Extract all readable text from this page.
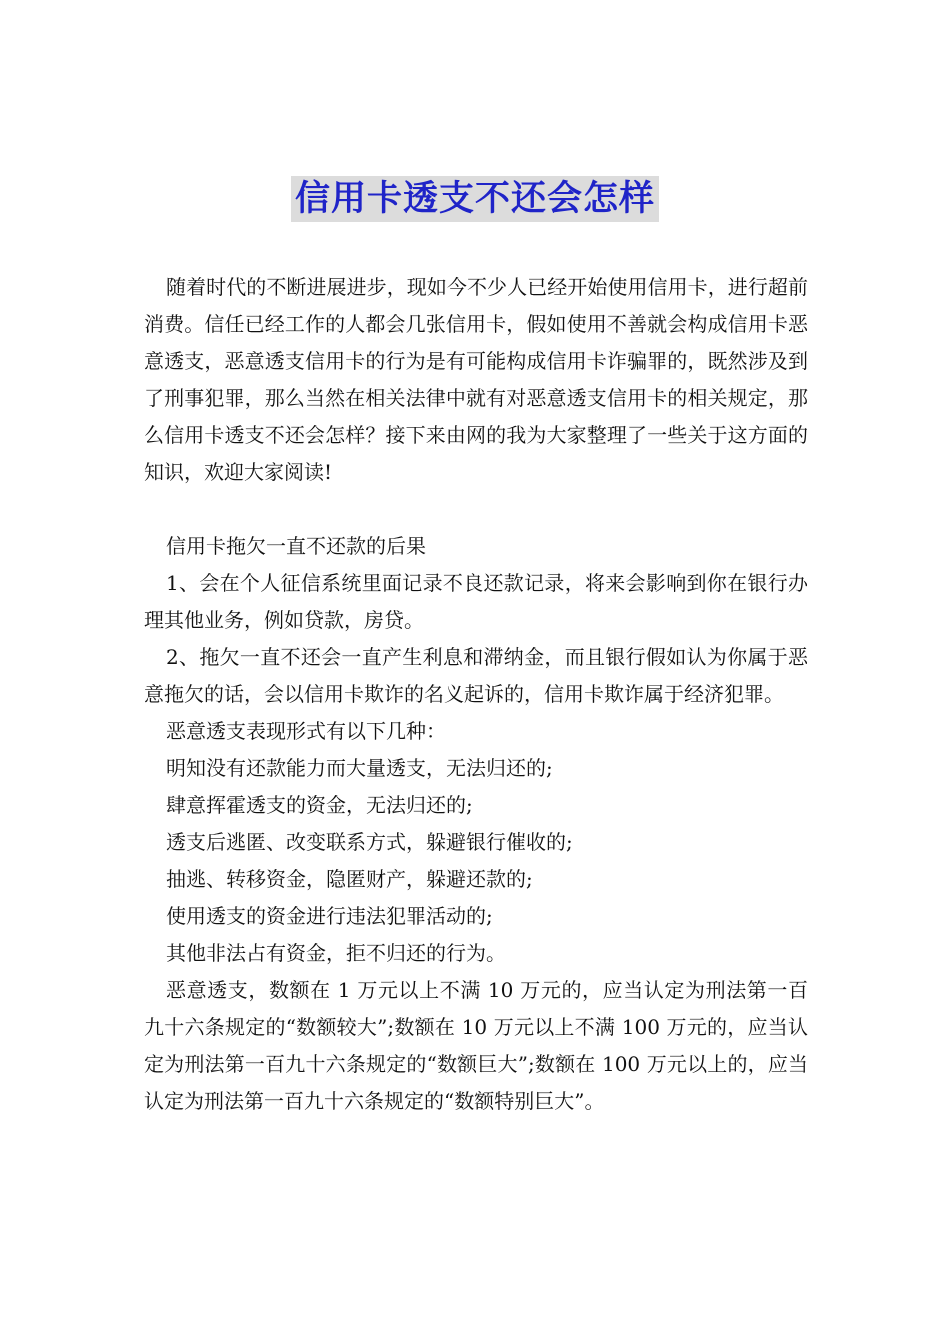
信用卡透支不还会怎样

随着时代的不断进展进步，现如今不少人已经开始使用信用卡，进行超前消费。信任已经工作的人都会几张信用卡，假如使用不善就会构成信用卡恶意透支，恶意透支信用卡的行为是有可能构成信用卡诈骗罪的，既然涉及到了刑事犯罪，那么当然在相关法律中就有对恶意透支信用卡的相关规定，那么信用卡透支不还会怎样？接下来由网的我为大家整理了一些关于这方面的知识，欢迎大家阅读!

信用卡拖欠一直不还款的后果

1、会在个人征信系统里面记录不良还款记录，将来会影响到你在银行办理其他业务，例如贷款，房贷。

2、拖欠一直不还会一直产生利息和滞纳金，而且银行假如认为你属于恶意拖欠的话，会以信用卡欺诈的名义起诉的，信用卡欺诈属于经济犯罪。

恶意透支表现形式有以下几种：

明知没有还款能力而大量透支，无法归还的;

肆意挥霍透支的资金，无法归还的;

透支后逃匿、改变联系方式，躲避银行催收的;

抽逃、转移资金，隐匿财产，躲避还款的;

使用透支的资金进行违法犯罪活动的;

其他非法占有资金，拒不归还的行为。

恶意透支，数额在 1 万元以上不满 10 万元的，应当认定为刑法第一百九十六条规定的“数额较大”;数额在 10 万元以上不满 100 万元的，应当认定为刑法第一百九十六条规定的“数额巨大”;数额在 100 万元以上的，应当认定为刑法第一百九十六条规定的“数额特别巨大”。
